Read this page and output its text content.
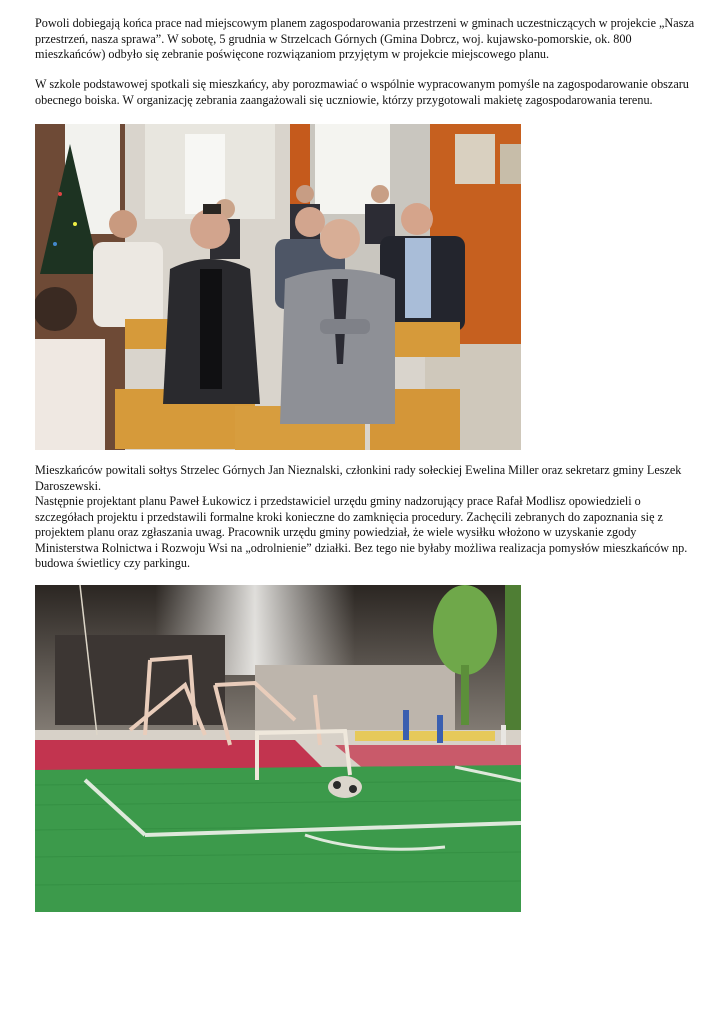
Powoli dobiegają końca prace nad miejscowym planem zagospodarowania przestrzeni w gminach uczestniczących w projekcie „Nasza przestrzeń, nasza sprawa”. W sobotę, 5 grudnia w Strzelcach Górnych (Gmina Dobrcz, woj. kujawsko-pomorskie, ok. 800 mieszkańców) odbyło się zebranie poświęcone rozwiązaniom przyjętym w projekcie miejscowego planu.

W szkole podstawowej spotkali się mieszkańcy, aby porozmawiać o wspólnie wypracowanym pomyśle na zagospodarowanie obszaru obecnego boiska. W organizację zebrania zaangażowali się uczniowie, którzy przygotowali makietę zagospodarowania terenu.

Mieszkańców powitali sołtys Strzelec Górnych Jan Nieznalski, członkini rady sołeckiej Ewelina Miller oraz sekretarz gminy Leszek Daroszewski.

Następnie projektant planu Paweł Łukowicz i przedstawiciel urzędu gminy nadzorujący prace Rafał Modlisz opowiedzieli o szczegółach projektu i przedstawili formalne kroki konieczne do zamknięcia procedury. Zachęcili zebranych do zapoznania się z projektem planu oraz zgłaszania uwag. Pracownik urzędu gminy powiedział, że wiele wysiłku włożono w uzyskanie zgody Ministerstwa Rolnictwa i Rozwoju Wsi na „odrolnienie” działki. Bez tego nie byłaby możliwa realizacja pomysłów mieszkańców np. budowa świetlicy czy parkingu.
